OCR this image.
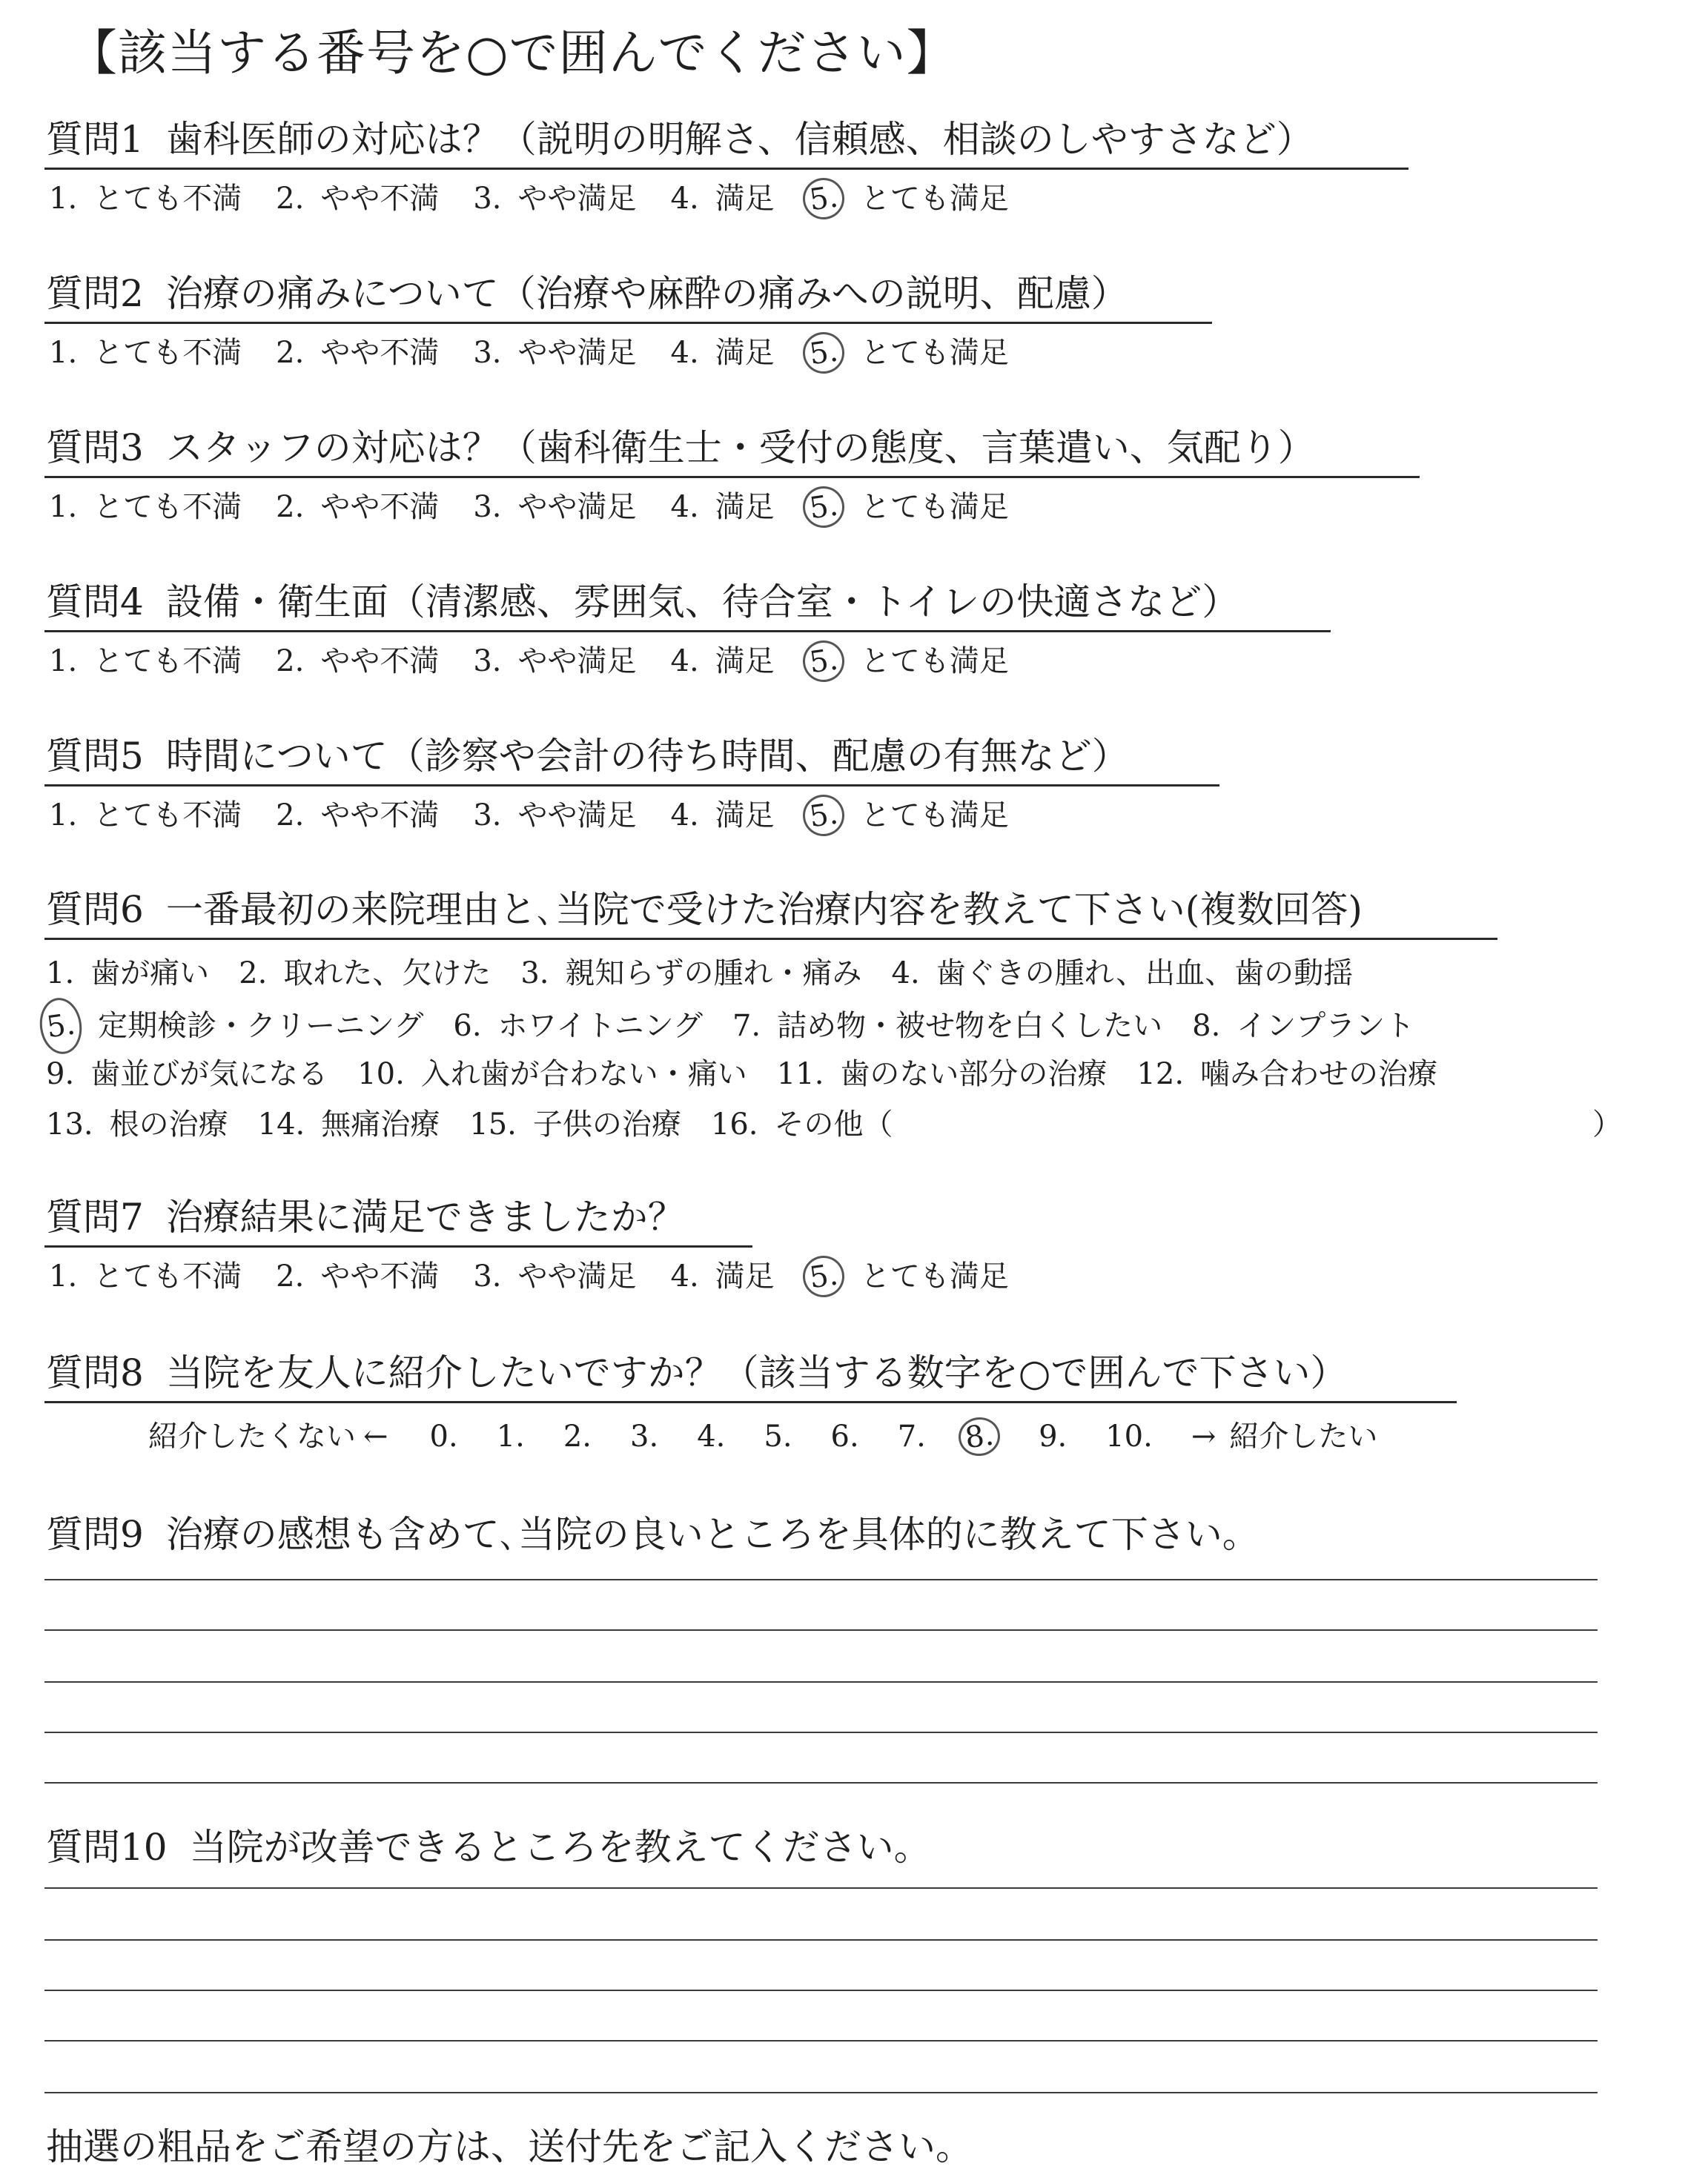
【該当する番号を○で囲んでください】
質問1 歯科医師の対応は？（説明の明解さ、信頼感、相談のしやすさなど）
質問2 治療の痛みについて（治療や麻酔の痛みへの説明、配慮）
質問3 スタッフの対応は？（歯科衛生士・受付の態度、言葉遣い、気配り）
質問4 設備・衛生面（清潔感、雰囲気、待合室・トイレの快適さなど）
質問5 時間について（診察や会計の待ち時間、配慮の有無など）
質問6 一番最初の来院理由と､当院で受けた治療内容を教えて下さい(複数回答)
質問7 治療結果に満足できましたか？
質問8 当院を友人に紹介したいですか？（該当する数字を○で囲んで下さい）
質問9 治療の感想も含めて､当院の良いところを具体的に教えて下さい。
質問10 当院が改善できるところを教えてください。
1. とても不満 2. やや不満 3. やや満足 4. 満足 5. とても満足
1. とても不満 2. やや不満 3. やや満足 4. 満足 5. とても満足
1. とても不満 2. やや不満 3. やや満足 4. 満足 5. とても満足
1. とても不満 2. やや不満 3. やや満足 4. 満足 5. とても満足
1. とても不満 2. やや不満 3. やや満足 4. 満足 5. とても満足
1. とても不満 2. やや不満 3. やや満足 4. 満足 5. とても満足
1. 歯が痛い 2. 取れた、欠けた 3. 親知らずの腫れ・痛み 4. 歯ぐきの腫れ、出血、歯の動揺
5. 定期検診・クリーニング 6. ホワイトニング 7. 詰め物・被せ物を白くしたい 8. インプラント
9. 歯並びが気になる 10. 入れ歯が合わない・痛い 11. 歯のない部分の治療 12. 噛み合わせの治療
13. 根の治療 14. 無痛治療 15. 子供の治療 16. その他（	）
紹介したくない ← 0. 1. 2. 3. 4. 5. 6. 7. 8. 9. 10. → 紹介したい
抽選の粗品をご希望の方は、送付先をご記入ください。
